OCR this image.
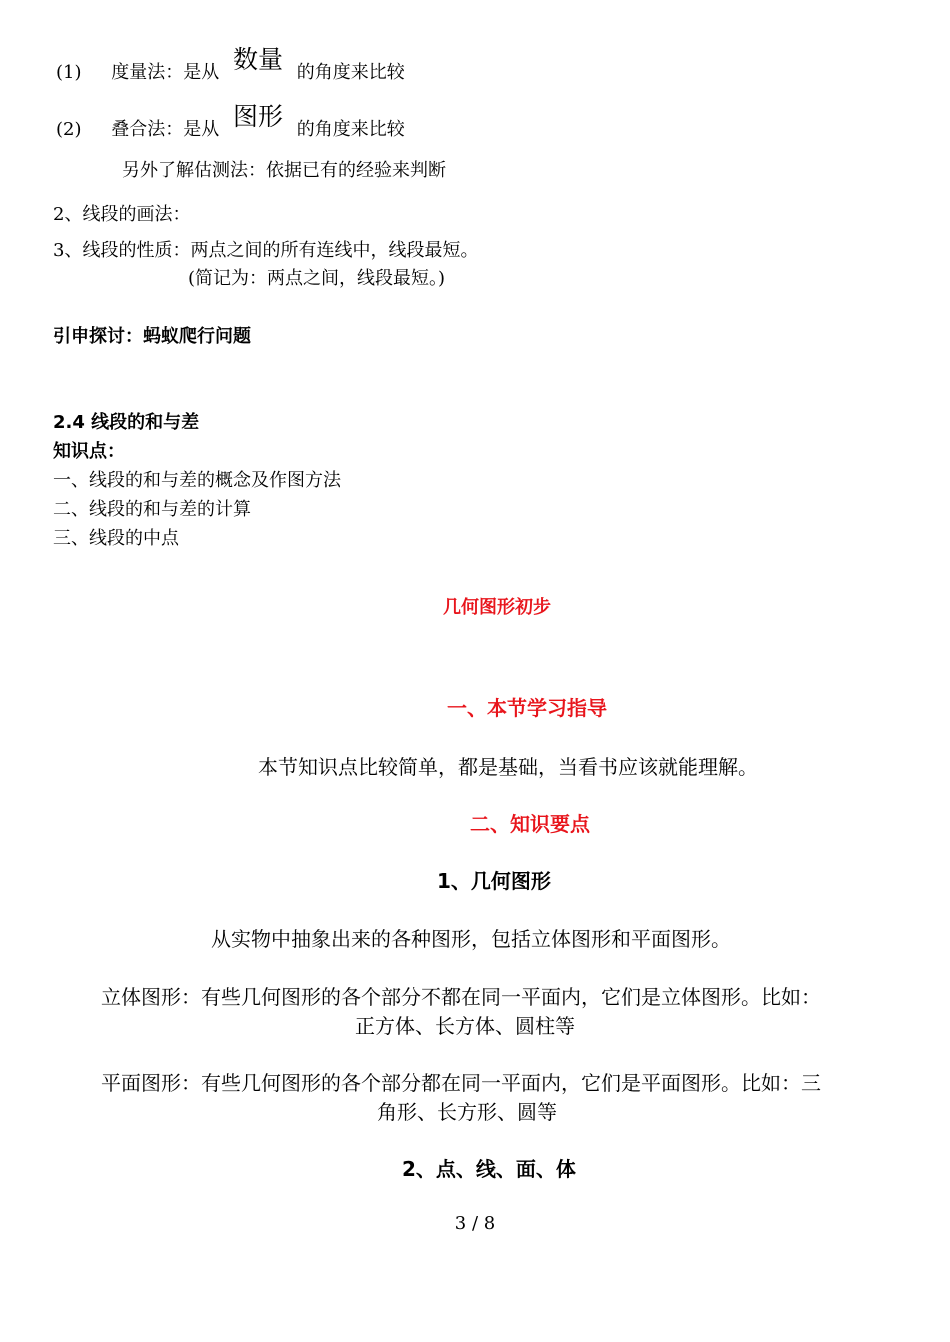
(1) 度量法：是从 数量 的角度来比较
(2) 叠合法：是从 图形 的角度来比较
另外了解估测法：依据已有的经验来判断
2、线段的画法：
3、线段的性质：两点之间的所有连线中，线段最短。
(简记为：两点之间，线段最短。)
引申探讨：蚂蚁爬行问题
2.4 线段的和与差
知识点：
一、线段的和与差的概念及作图方法
二、线段的和与差的计算
三、线段的中点
几何图形初步
一、本节学习指导
本节知识点比较简单，都是基础，当看书应该就能理解。
二、知识要点
1、几何图形
从实物中抽象出来的各种图形，包括立体图形和平面图形。
立体图形：有些几何图形的各个部分不都在同一平面内，它们是立体图形。比如：
正方体、长方体、圆柱等
平面图形：有些几何图形的各个部分都在同一平面内，它们是平面图形。比如：三
角形、长方形、圆等
2、点、线、面、体
3 / 8
